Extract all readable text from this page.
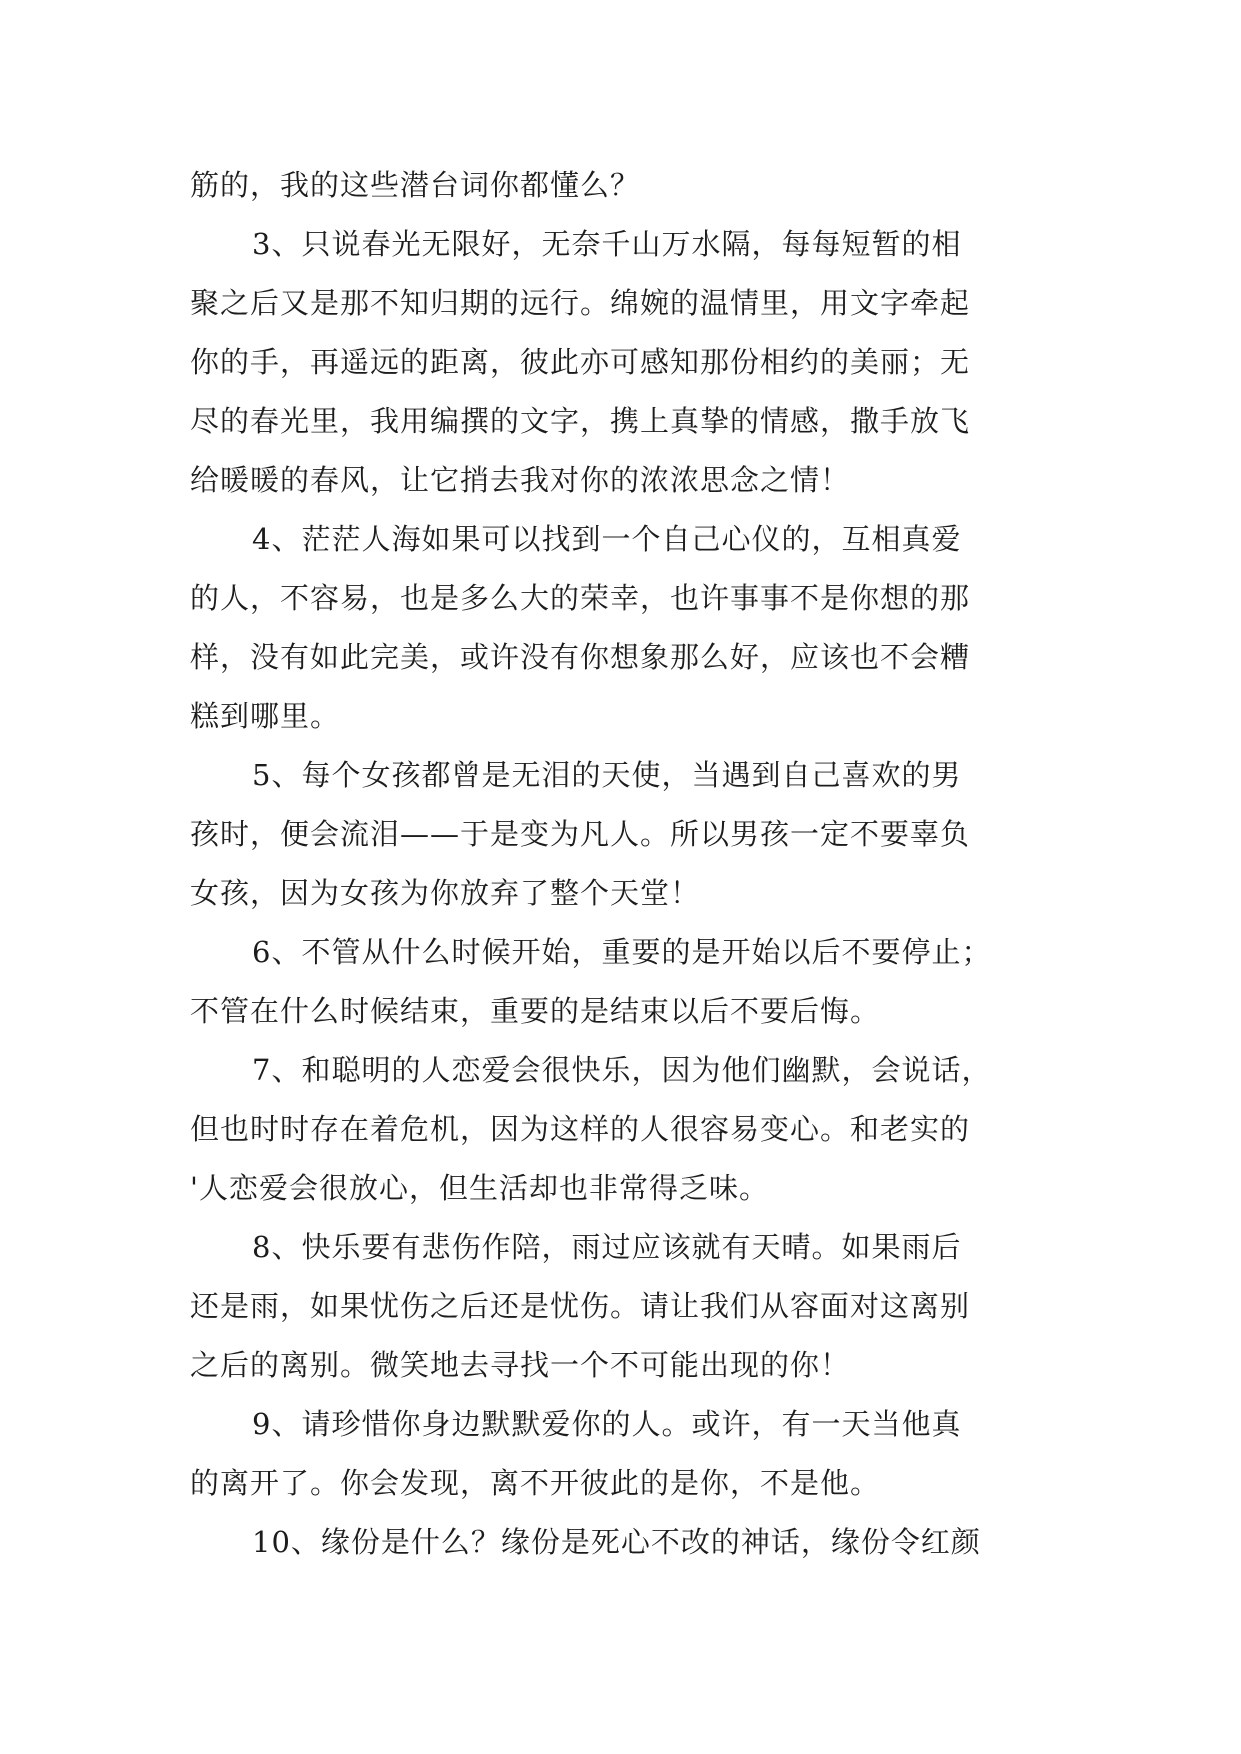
筋的，我的这些潜台词你都懂么？
3、只说春光无限好，无奈千山万水隔，每每短暂的相
聚之后又是那不知归期的远行。绵婉的温情里，用文字牵起
你的手，再遥远的距离，彼此亦可感知那份相约的美丽；无
尽的春光里，我用编撰的文字，携上真挚的情感，撒手放飞
给暖暖的春风，让它捎去我对你的浓浓思念之情！
4、茫茫人海如果可以找到一个自己心仪的，互相真爱
的人，不容易，也是多么大的荣幸，也许事事不是你想的那
样，没有如此完美，或许没有你想象那么好，应该也不会糟
糕到哪里。
5、每个女孩都曾是无泪的天使，当遇到自己喜欢的男
孩时，便会流泪——于是变为凡人。所以男孩一定不要辜负
女孩，因为女孩为你放弃了整个天堂！
6、不管从什么时候开始，重要的是开始以后不要停止；
不管在什么时候结束，重要的是结束以后不要后悔。
7、和聪明的人恋爱会很快乐，因为他们幽默，会说话，
但也时时存在着危机，因为这样的人很容易变心。和老实的
'人恋爱会很放心，但生活却也非常得乏味。
8、快乐要有悲伤作陪，雨过应该就有天晴。如果雨后
还是雨，如果忧伤之后还是忧伤。请让我们从容面对这离别
之后的离别。微笑地去寻找一个不可能出现的你！
9、请珍惜你身边默默爱你的人。或许，有一天当他真
的离开了。你会发现，离不开彼此的是你，不是他。
10、缘份是什么？缘份是死心不改的神话，缘份令红颜
